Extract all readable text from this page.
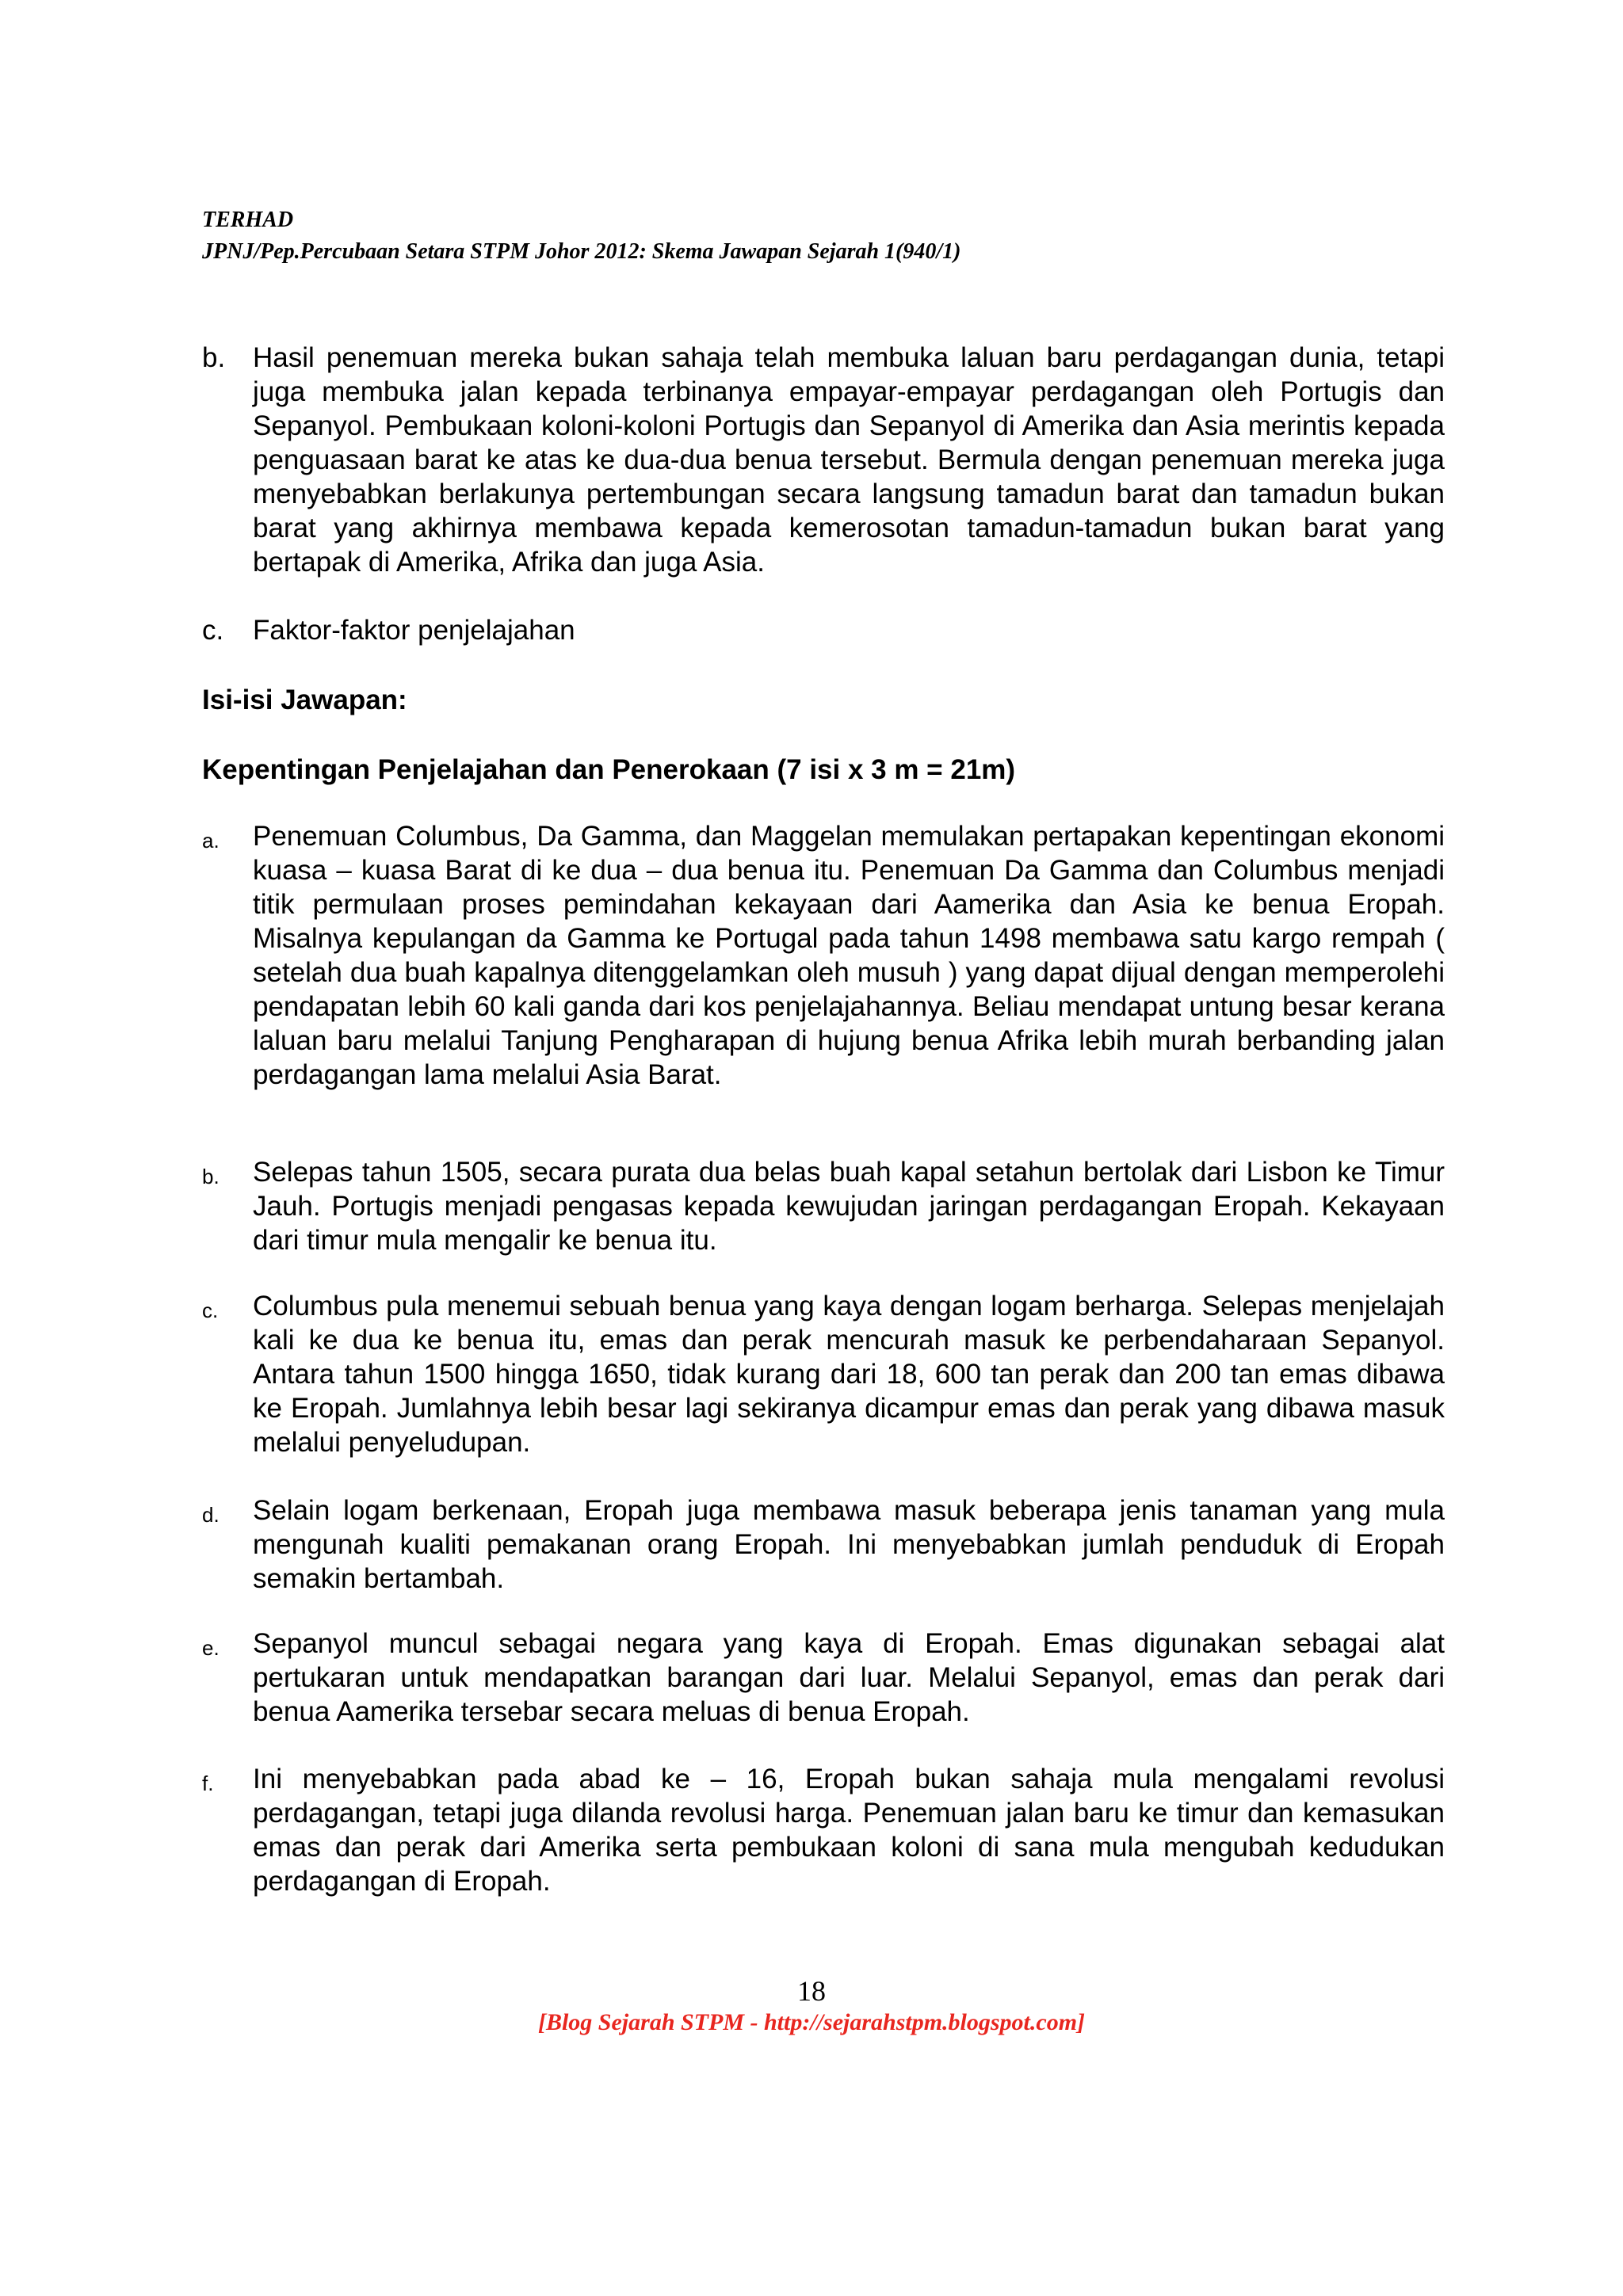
TERHAD
JPNJ/Pep.Percubaan Setara STPM Johor 2012: Skema Jawapan Sejarah 1(940/1)
b. Hasil penemuan mereka bukan sahaja telah membuka laluan baru perdagangan dunia, tetapi juga membuka jalan kepada terbinanya empayar-empayar perdagangan oleh Portugis dan Sepanyol. Pembukaan koloni-koloni Portugis dan Sepanyol di Amerika dan Asia merintis kepada penguasaan barat ke atas ke dua-dua benua tersebut. Bermula dengan penemuan mereka juga menyebabkan berlakunya pertembungan secara langsung tamadun barat dan tamadun bukan barat yang akhirnya membawa kepada kemerosotan tamadun-tamadun bukan barat yang bertapak di Amerika, Afrika dan juga Asia.
c. Faktor-faktor penjelajahan
Isi-isi Jawapan:
Kepentingan Penjelajahan dan Penerokaan (7 isi x 3 m = 21m)
a. Penemuan Columbus, Da Gamma, dan Maggelan memulakan pertapakan kepentingan ekonomi kuasa – kuasa Barat di ke dua – dua benua itu. Penemuan Da Gamma dan Columbus menjadi titik permulaan proses pemindahan kekayaan dari Aamerika dan Asia ke benua Eropah. Misalnya kepulangan da Gamma ke Portugal pada tahun 1498 membawa satu kargo rempah ( setelah dua buah kapalnya ditenggelamkan oleh musuh ) yang dapat dijual dengan memperolehi pendapatan lebih 60 kali ganda dari kos penjelajahannya. Beliau mendapat untung besar kerana laluan baru melalui Tanjung Pengharapan di hujung benua Afrika lebih murah berbanding jalan perdagangan lama melalui Asia Barat.
b. Selepas tahun 1505, secara purata dua belas buah kapal setahun bertolak dari Lisbon ke Timur Jauh. Portugis menjadi pengasas kepada kewujudan jaringan perdagangan Eropah. Kekayaan dari timur mula mengalir ke benua itu.
c. Columbus pula menemui sebuah benua yang kaya dengan logam berharga. Selepas menjelajah kali ke dua ke benua itu, emas dan perak mencurah masuk ke perbendaharaan Sepanyol. Antara tahun 1500 hingga 1650, tidak kurang dari 18, 600 tan perak dan 200 tan emas dibawa ke Eropah. Jumlahnya lebih besar lagi sekiranya dicampur emas dan perak yang dibawa masuk melalui penyeludupan.
d. Selain logam berkenaan, Eropah juga membawa masuk beberapa jenis tanaman yang mula mengunah kualiti pemakanan orang Eropah. Ini menyebabkan jumlah penduduk di Eropah semakin bertambah.
e. Sepanyol muncul sebagai negara yang kaya di Eropah. Emas digunakan sebagai alat pertukaran untuk mendapatkan barangan dari luar. Melalui Sepanyol, emas dan perak dari benua Aamerika tersebar secara meluas di benua Eropah.
f. Ini menyebabkan pada abad ke – 16, Eropah bukan sahaja mula mengalami revolusi perdagangan, tetapi juga dilanda revolusi harga. Penemuan jalan baru ke timur dan kemasukan emas dan perak dari Amerika serta pembukaan koloni di sana mula mengubah kedudukan perdagangan di Eropah.
18
[Blog Sejarah STPM - http://sejarahstpm.blogspot.com]
